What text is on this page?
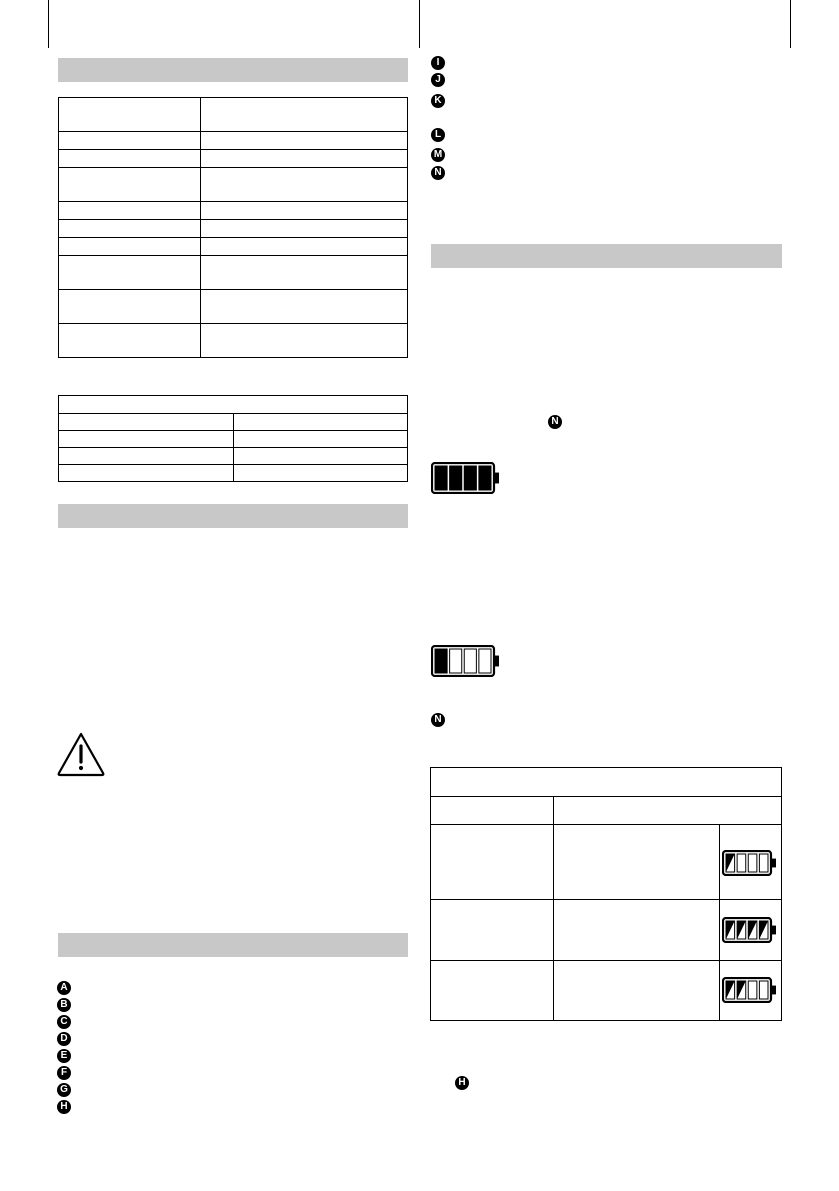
A
B
C
D
E
F
G
H
I
J
K
L
M
N
N
N
H
